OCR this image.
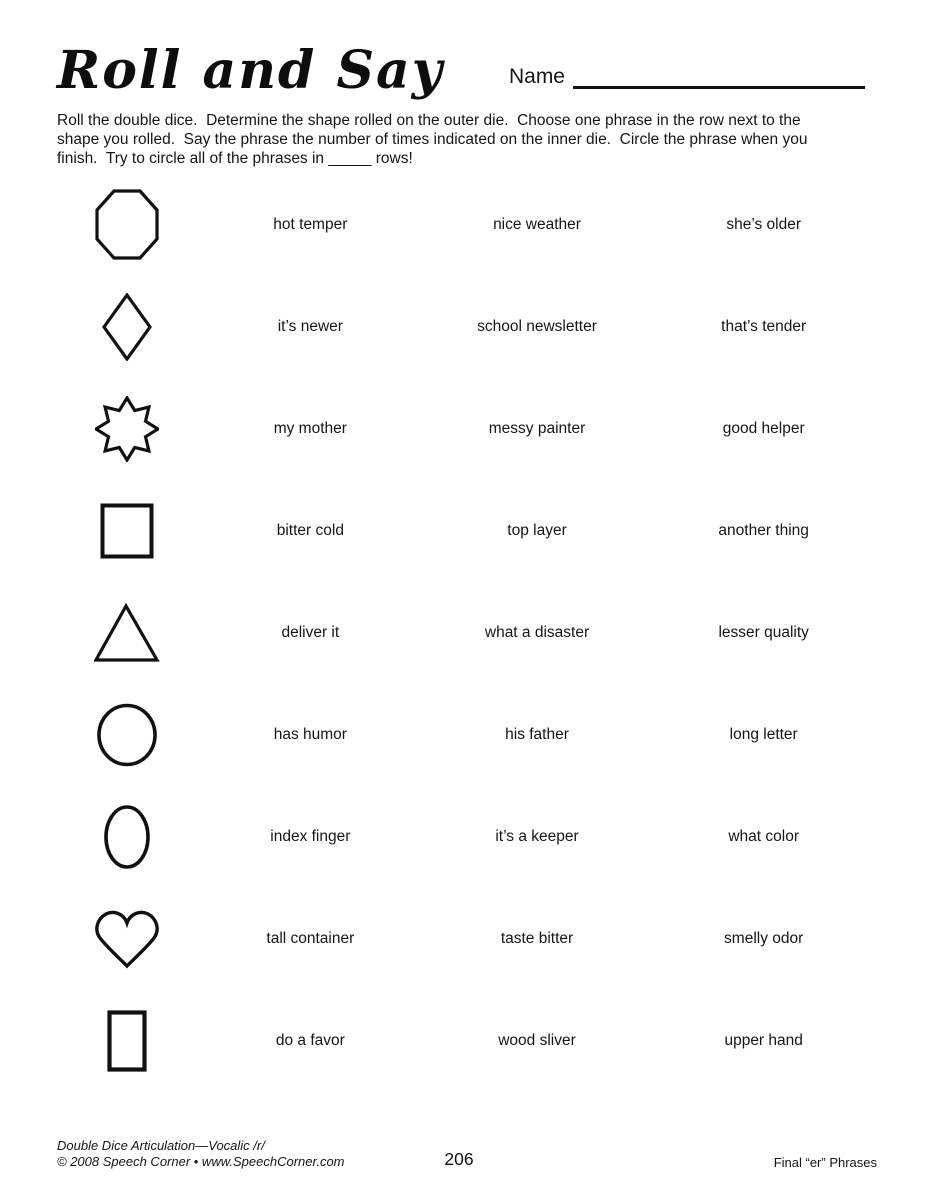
Roll and Say	Name
Roll the double dice.  Determine the shape rolled on the outer die.  Choose one phrase in the row next to the
shape you rolled.  Say the phrase the number of times indicated on the inner die.  Circle the phrase when you
finish.  Try to circle all of the phrases in _____ rows!
hot temper	nice weather	she’s older
it’s newer	school newsletter	that’s tender
my mother	messy painter	good helper
bitter cold	top layer	another thing
deliver it	what a disaster	lesser quality
has humor	his father	long letter
index finger	it’s a keeper	what color
tall container	taste bitter	smelly odor
do a favor	wood sliver	upper hand
Double Dice Articulation—Vocalic /r/
© 2008 Speech Corner • www.SpeechCorner.com	206	Final “er” Phrases
